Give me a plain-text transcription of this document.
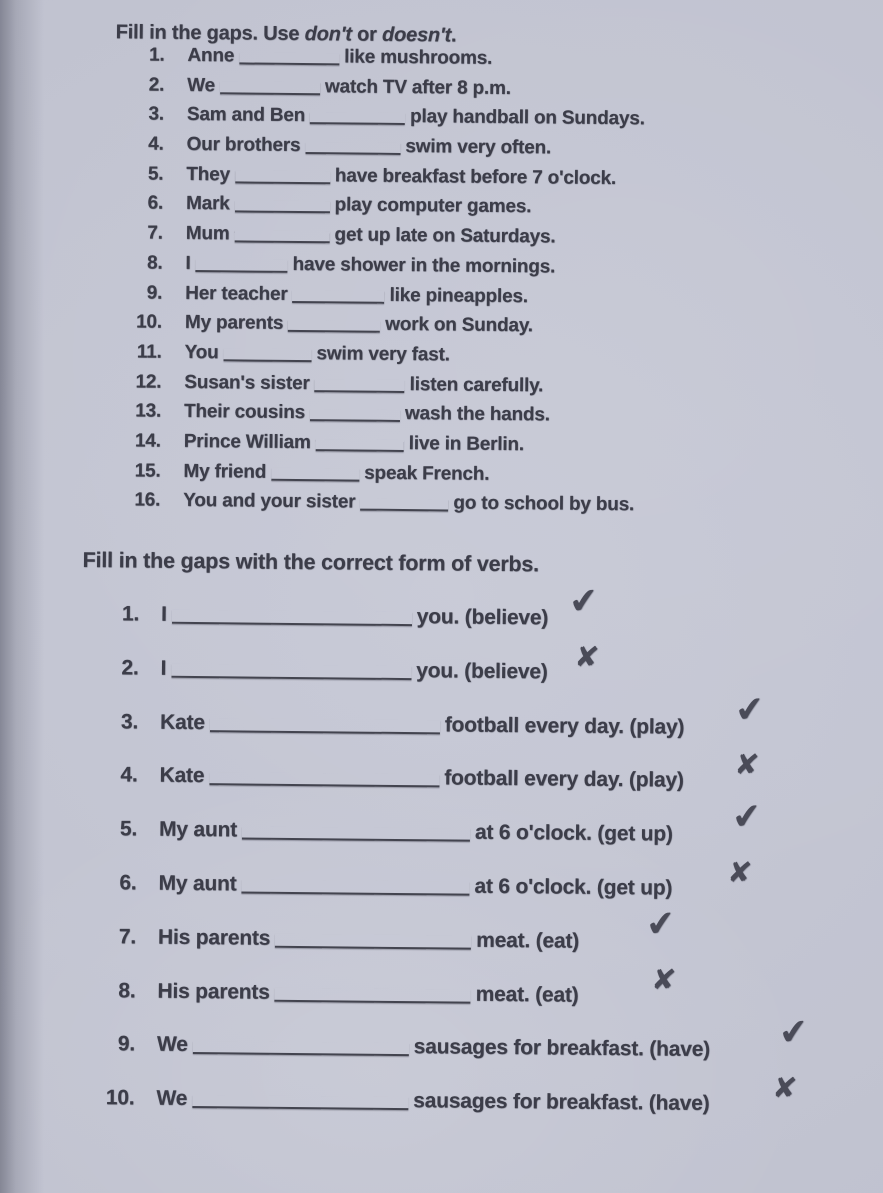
Fill in the gaps. Use don't or doesn't.
1. Anne	like mushrooms.
2. We	watch TV after 8 p.m.
3. Sam and Ben	play handball on Sundays.
4. Our brothers	swim very often.
5. They	have breakfast before 7 o'clock.
6. Mark	play computer games.
7. Mum	get up late on Saturdays.
8. I	have shower in the mornings.
9. Her teacher	like pineapples.
10. My parents	work on Sunday.
11. You	swim very fast.
12. Susan's sister	listen carefully.
13. Their cousins	wash the hands.
14. Prince William	live in Berlin.
15. My friend	speak French.
16. You and your sister	go to school by bus.
Fill in the gaps with the correct form of verbs.
1. I	you. (believe) ✔
2. I	you. (believe) ✘
3. Kate	football every day. (play) ✔
4. Kate	football every day. (play) ✘
5. My aunt	at 6 o'clock. (get up) ✔
6. My aunt	at 6 o'clock. (get up) ✘
7. His parents	meat. (eat) ✔
8. His parents	meat. (eat) ✘
9. We	sausages for breakfast. (have) ✔
10. We	sausages for breakfast. (have) ✘
